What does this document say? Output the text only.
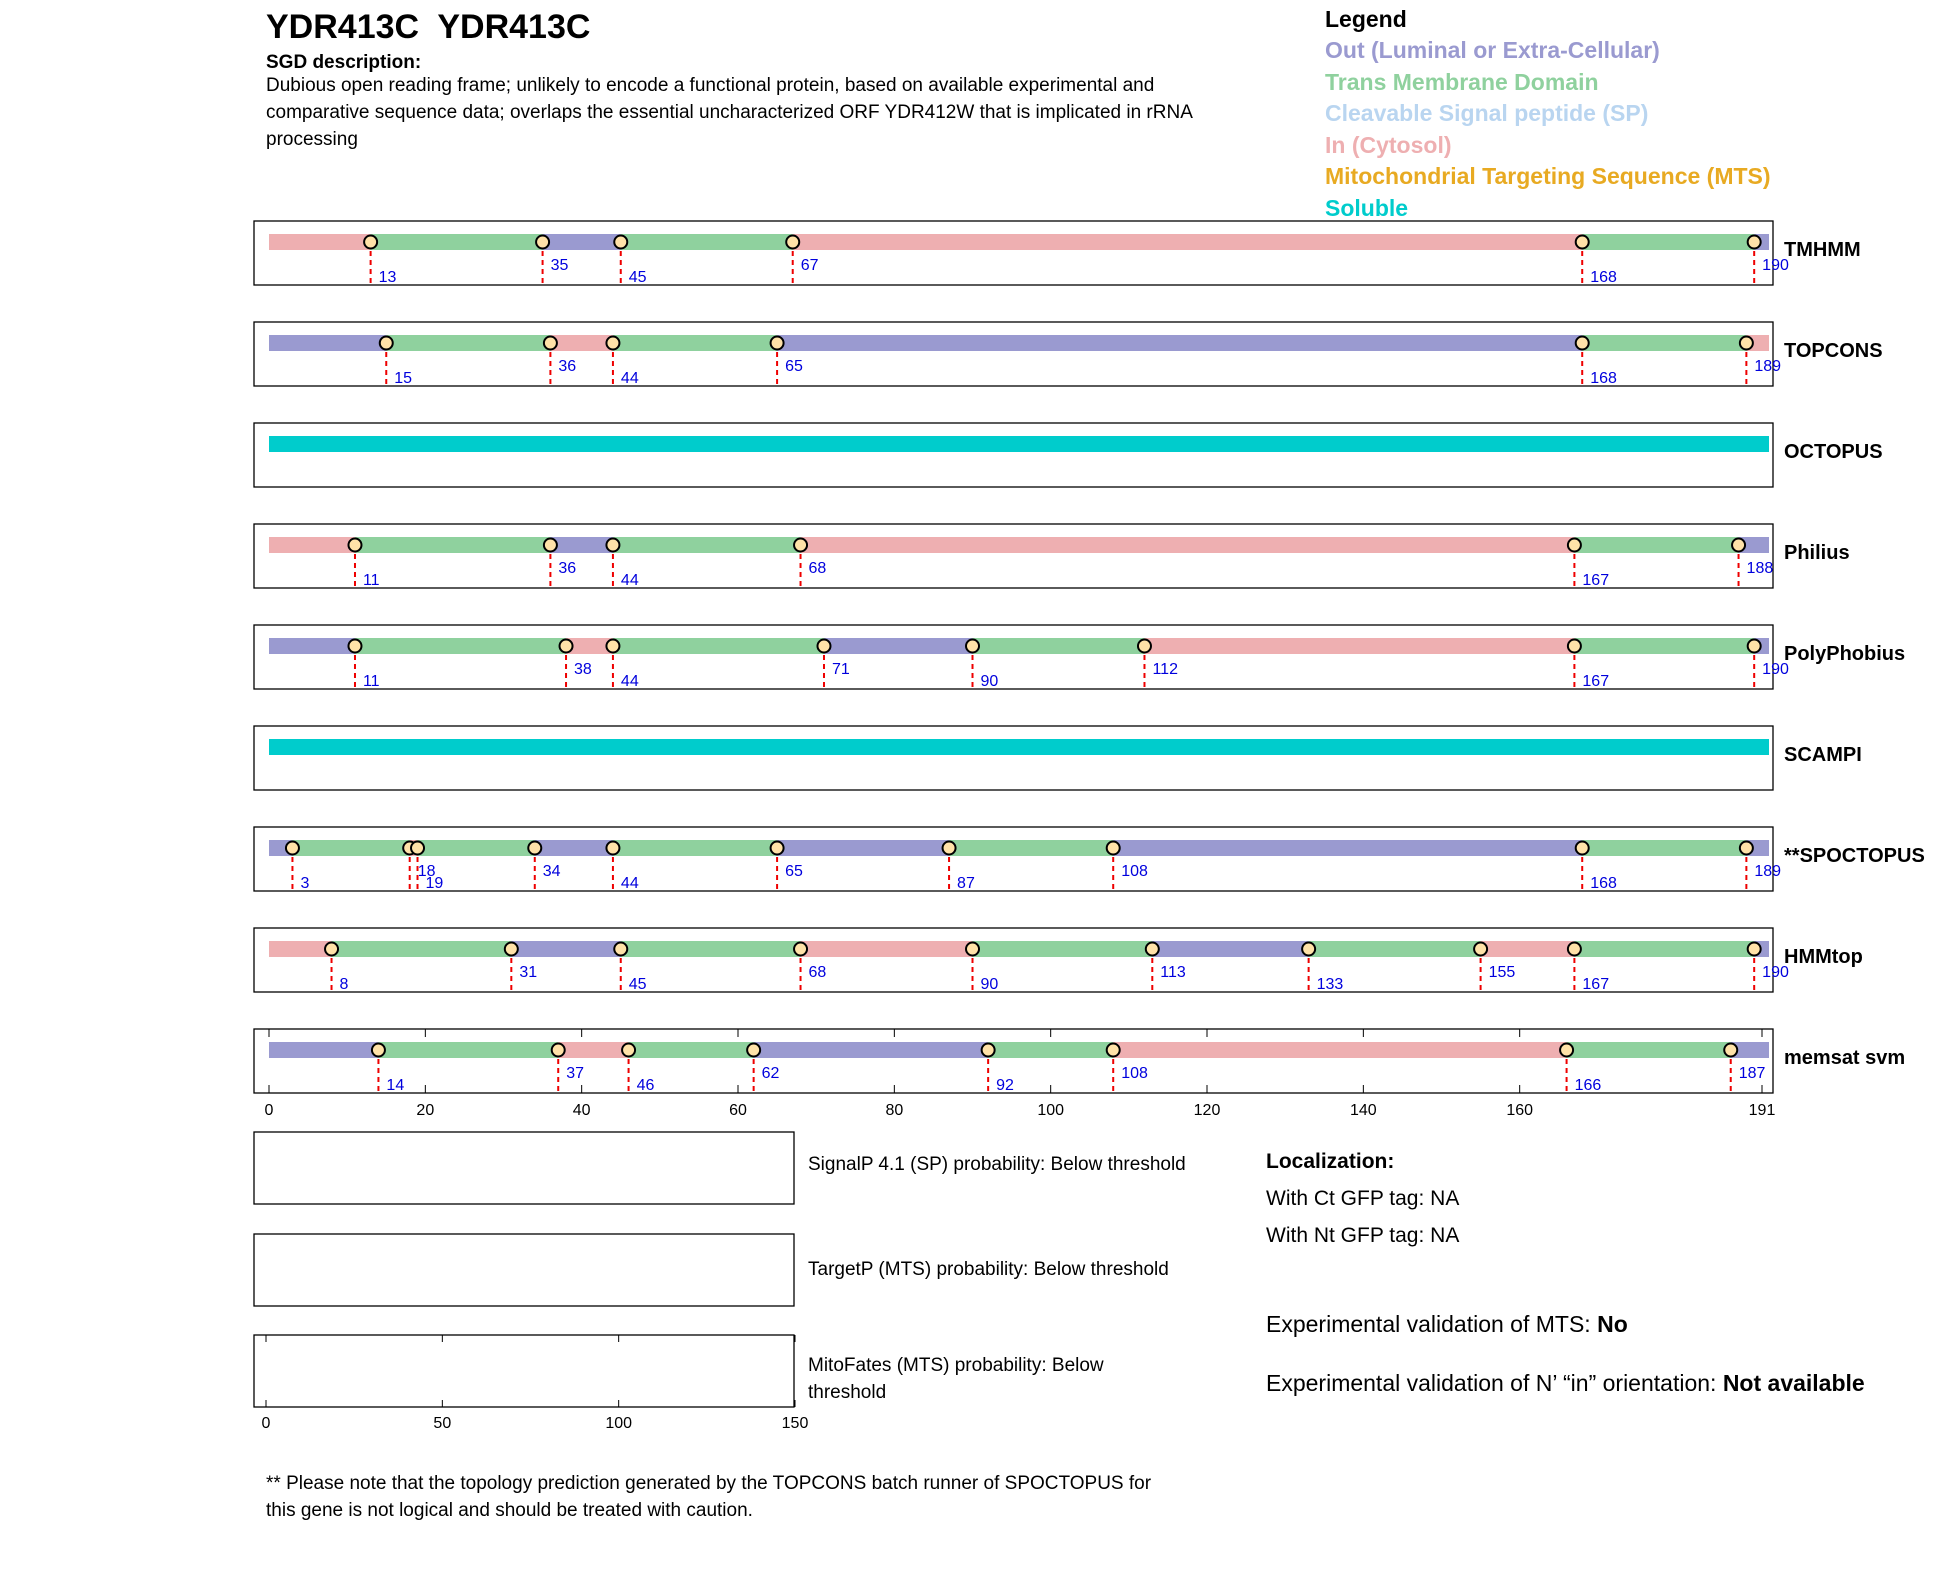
13
35
45
67
168
190
TMHMM
15
36
44
65
168
189
TOPCONS
OCTOPUS
11
36
44
68
167
188
Philius
11
38
44
71
90
112
167
190
PolyPhobius
SCAMPI
3
18
19
34
44
65
87
108
168
189
**SPOCTOPUS
8
31
45
68
90
113
133
155
167
190
HMMtop
14
37
46
62
92
108
166
187
memsat svm
0	20	40	60	80	100	120	140	160	191
0	50	100	150
YDR413C  YDR413C
SGD description:
Dubious open reading frame; unlikely to encode a functional protein, based on available experimental and comparative sequence data; overlaps the essential uncharacterized ORF YDR412W that is implicated in rRNA processing
Legend
Out (Luminal or Extra-Cellular)
Trans Membrane Domain
Cleavable Signal peptide (SP)
In (Cytosol)
Mitochondrial Targeting Sequence (MTS)
Soluble
SignalP 4.1 (SP) probability: Below threshold
TargetP (MTS) probability: Below threshold
MitoFates (MTS) probability: Below threshold
Localization:
With Ct GFP tag: NA
With Nt GFP tag: NA
Experimental validation of MTS: No
Experimental validation of N’ “in” orientation: Not available
** Please note that the topology prediction generated by the TOPCONS batch runner of SPOCTOPUS for this gene is not logical and should be treated with caution.
